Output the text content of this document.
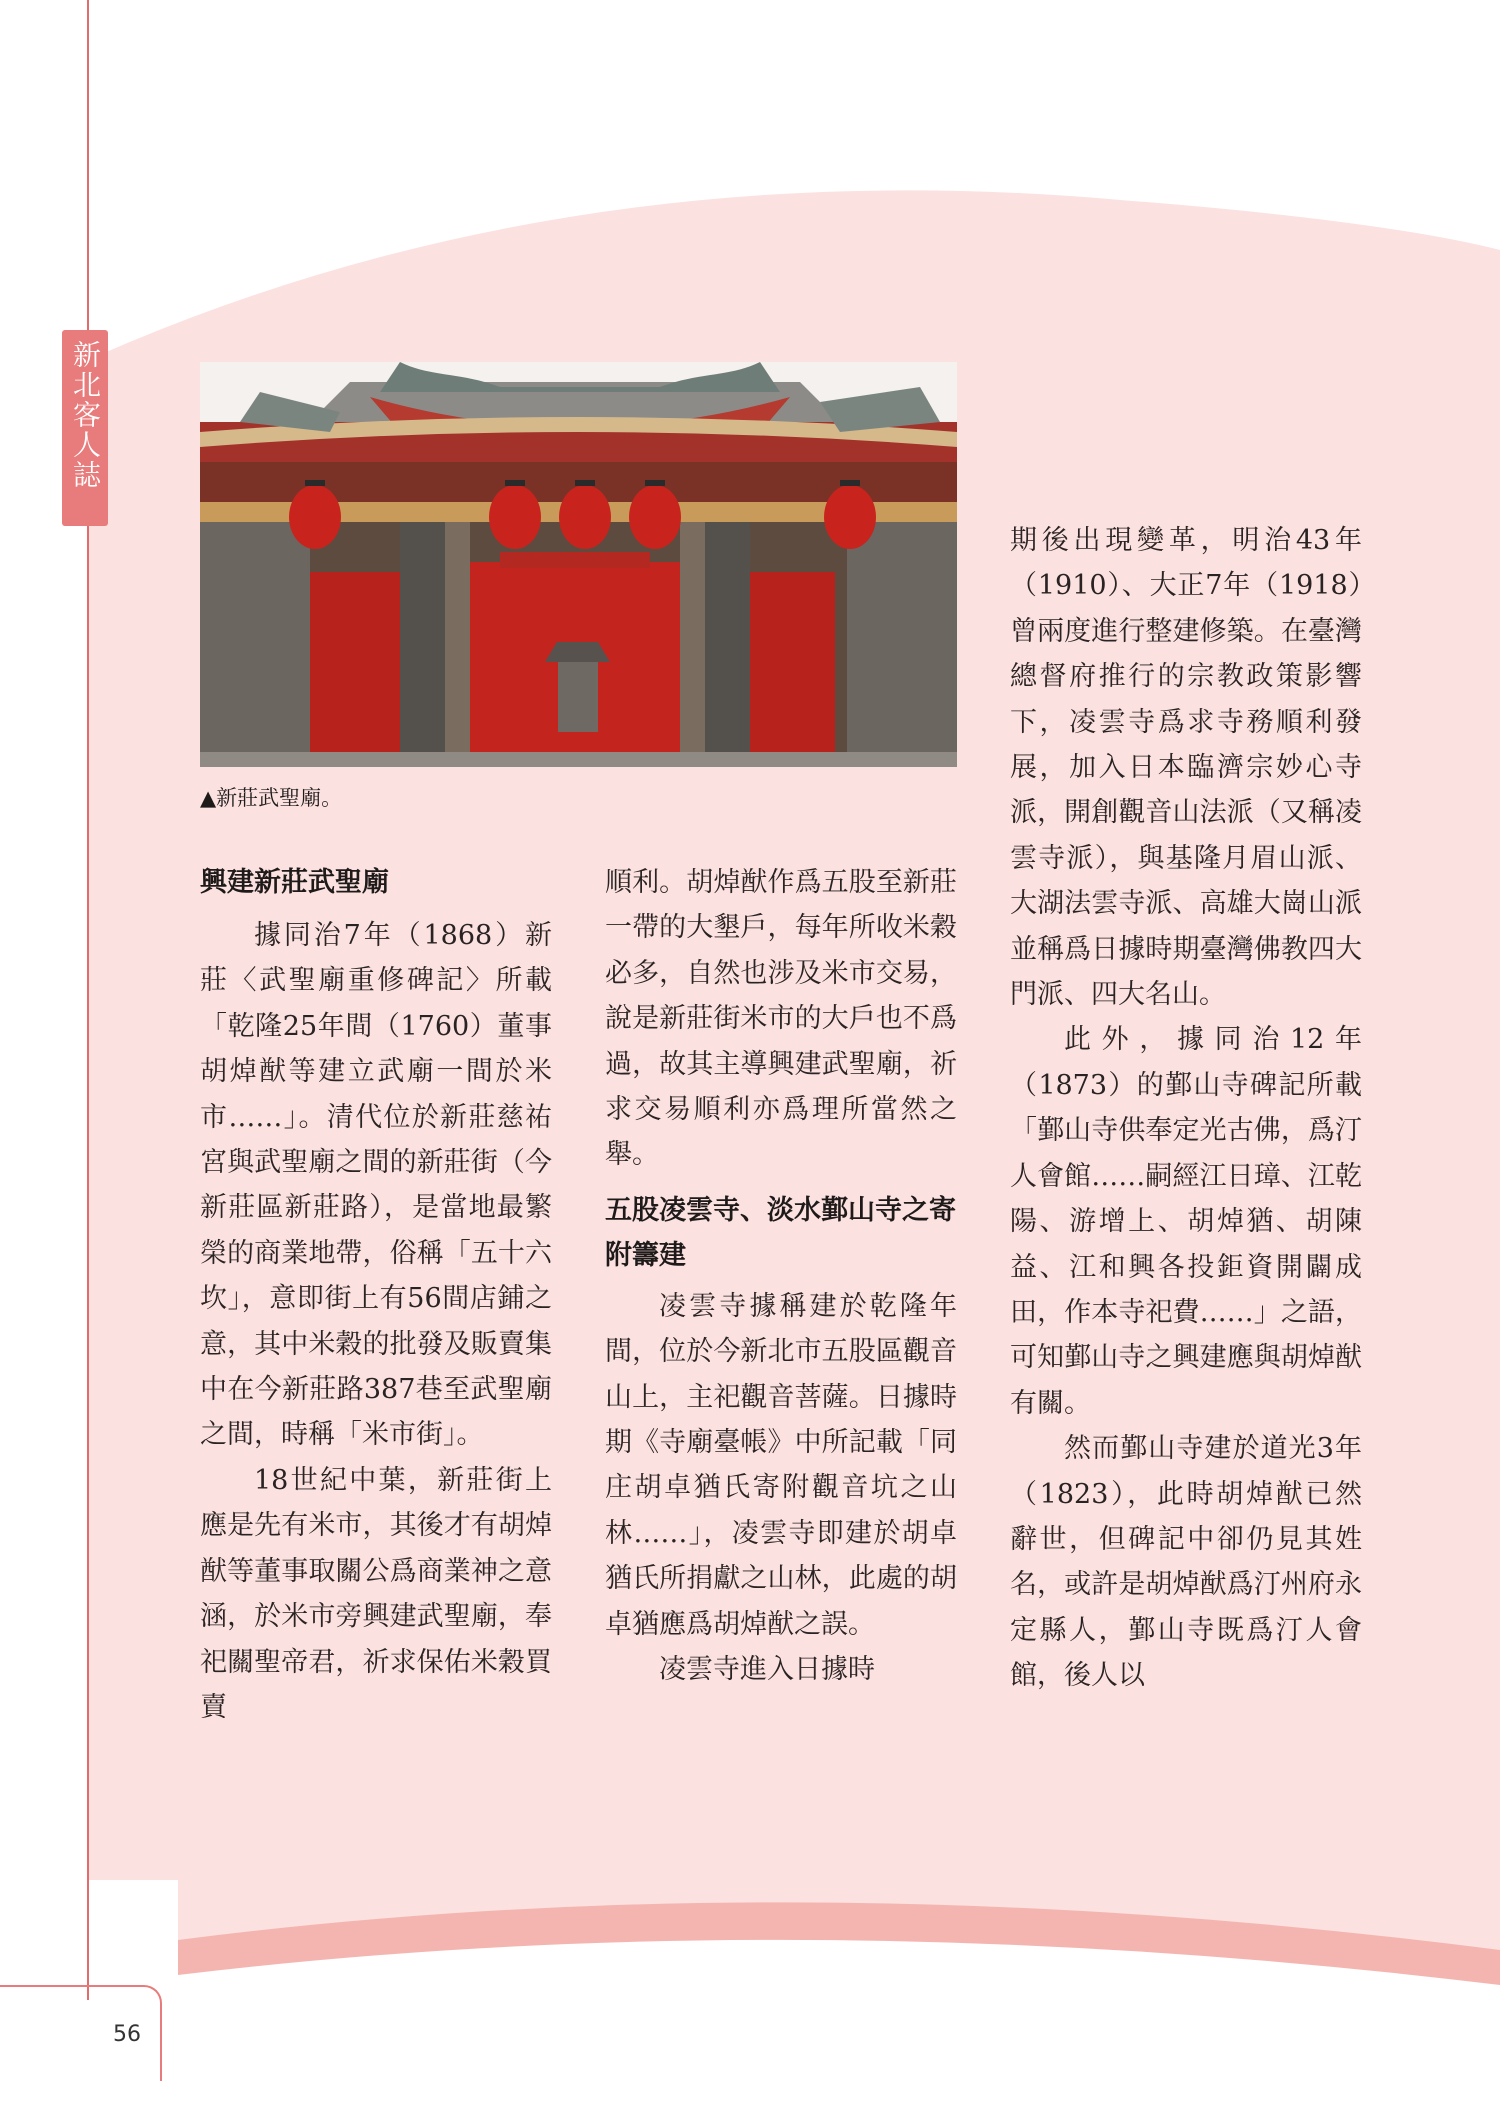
新北客人誌
▲新莊武聖廟。
興建新莊武聖廟

據同治7年（1868）新莊〈武聖廟重修碑記〉所載「乾隆25年間（1760）董事胡焯猷等建立武廟一間於米市……」。清代位於新莊慈祐宮與武聖廟之間的新莊街（今新莊區新莊路），是當地最繁榮的商業地帶，俗稱「五十六坎」，意即街上有56間店鋪之意，其中米穀的批發及販賣集中在今新莊路387巷至武聖廟之間，時稱「米市街」。

18世紀中葉，新莊街上應是先有米市，其後才有胡焯猷等董事取關公爲商業神之意涵，於米市旁興建武聖廟，奉祀關聖帝君，祈求保佑米穀買賣

順利。胡焯猷作爲五股至新莊一帶的大墾戶，每年所收米穀必多，自然也涉及米市交易，說是新莊街米市的大戶也不爲過，故其主導興建武聖廟，祈求交易順利亦爲理所當然之舉。

五股凌雲寺、淡水鄞山寺之寄附籌建

凌雲寺據稱建於乾隆年間，位於今新北市五股區觀音山上，主祀觀音菩薩。日據時期《寺廟臺帳》中所記載「同庄胡卓猶氏寄附觀音坑之山林……」，凌雲寺即建於胡卓猶氏所捐獻之山林，此處的胡卓猶應爲胡焯猷之誤。

凌雲寺進入日據時

期後出現變革，明治43年（1910）、大正7年（1918）曾兩度進行整建修築。在臺灣總督府推行的宗教政策影響下，凌雲寺爲求寺務順利發展，加入日本臨濟宗妙心寺派，開創觀音山法派（又稱凌雲寺派），與基隆月眉山派、大湖法雲寺派、高雄大崗山派並稱爲日據時期臺灣佛教四大門派、四大名山。

此外，據同治12年（1873）的鄞山寺碑記所載「鄞山寺供奉定光古佛，爲汀人會館……嗣經江日璋、江乾陽、游增上、胡焯猶、胡陳益、江和興各投鉅資開闢成田，作本寺祀費……」之語，可知鄞山寺之興建應與胡焯猷有關。

然而鄞山寺建於道光3年（1823），此時胡焯猷已然辭世，但碑記中卻仍見其姓名，或許是胡焯猷爲汀州府永定縣人，鄞山寺既爲汀人會館，後人以

56
